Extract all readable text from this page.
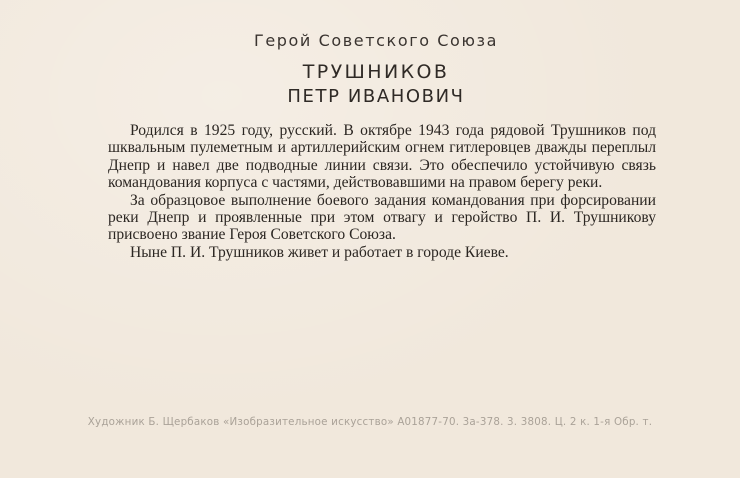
Герой Советского Союза
ТРУШНИКОВ
ПЕТР ИВАНОВИЧ

Родился в 1925 году, русский. В октябре 1943 года рядовой Трушников под шквальным пулеметным и артиллерийским огнем гитлеровцев дважды переплыл Днепр и навел две подводные линии связи. Это обеспечило устойчивую связь командования корпуса с частями, действовавшими на правом берегу реки.

За образцовое выполнение боевого задания командования при форсировании реки Днепр и проявленные при этом отвагу и геройство П. И. Трушникову присвоено звание Героя Советского Союза.

Ныне П. И. Трушников живет и работает в городе Киеве.

Художник Б. Щербаков «Изобразительное искусство» А01877-70. 3а-378. 3. 3808. Ц. 2 к. 1-я Обр. т.
